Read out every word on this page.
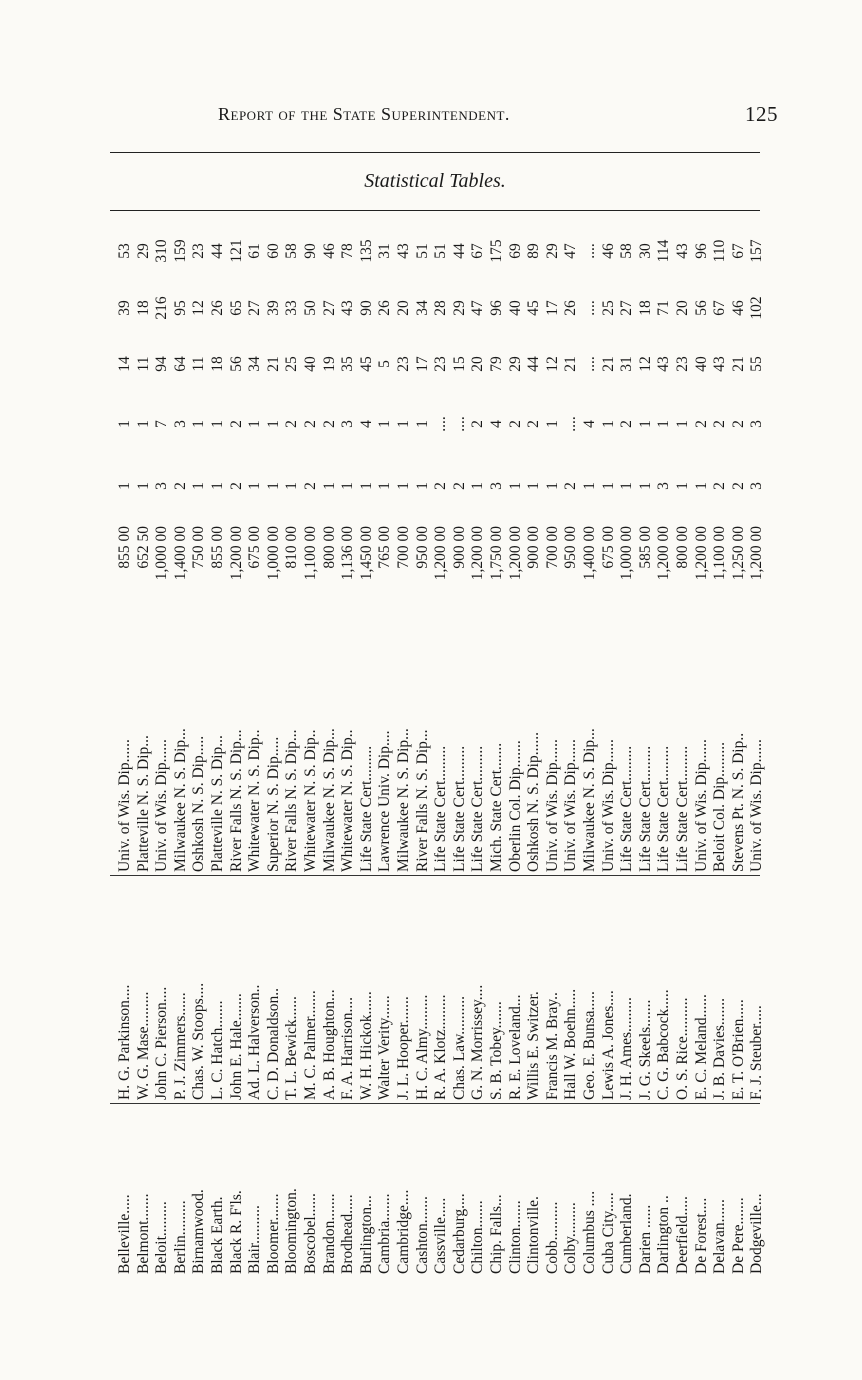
Report of the State Superintendent.	125
Statistical Tables.
Belleville.....
H. G. Parkinson....
Univ. of Wis. Dip......
855 00
1
1
14
39
53
Belmont.......
W. G. Mase.........
Platteville N. S. Dip...
652 50
1
1
11
18
29
Beloit.........
John C. Pierson....
Univ. of Wis. Dip......
1,000 00
3
7
94
216
310
Berlin.........
P. J. Zimmers......
Milwaukee N. S. Dip...
1,400 00
2
3
64
95
159
Birnamwood.
Chas. W. Stoops....
Oshkosh N. S. Dip.....
750 00
1
1
11
12
23
Black Earth.
L. C. Hatch.......
Platteville N. S. Dip...
855 00
1
1
18
26
44
Black R. F'ls.
John E. Hale.......
River Falls N. S. Dip...
1,200 00
2
2
56
65
121
Blair..........
Ad. L. Halverson..
Whitewater N. S. Dip..
675 00
1
1
34
27
61
Bloomer.......
C. D. Donaldson..
Superior N. S. Dip.....
1,000 00
1
1
21
39
60
Bloomington.
T. L. Bewick......
River Falls N. S. Dip...
810 00
1
2
25
33
58
Boscobel......
M. C. Palmer.......
Whitewater N. S. Dip..
1,100 00
2
2
40
50
90
Brandon.......
A. B. Houghton...
Milwaukee N. S. Dip...
800 00
1
2
19
27
46
Brodhead.....
F. A. Harrison....
Whitewater N. S. Dip..
1,136 00
1
3
35
43
78
Burlington...
W. H. Hickok......
Life State Cert.........
1,450 00
1
4
45
90
135
Cambria.......
Walter Verity......
Lawrence Univ. Dip....
765 00
1
1
5
26
31
Cambridge....
J. L. Hooper.......
Milwaukee N. S. Dip...
700 00
1
1
23
20
43
Cashton.......
H. C. Almy.........
River Falls N. S. Dip...
950 00
1
1
17
34
51
Cassville.....
R. A. Klotz.........
Life State Cert.........
1,200 00
2
....
23
28
51
Cedarburg....
Chas. Law..........
Life State Cert.........
900 00
2
....
15
29
44
Chilton.......
G. N. Morrissey....
Life State Cert.........
1,200 00
1
2
20
47
67
Chip. Falls...
S. B. Tobey.......
Mich. State Cert.......
1,750 00
3
4
79
96
175
Clinton.......
R. E. Loveland...
Oberlin Col. Dip.......
1,200 00
1
2
29
40
69
Clintonville.
Willis E. Switzer.
Oshkosh N. S. Dip......
900 00
1
2
44
45
89
Cobb..........
Francis M. Bray..
Univ. of Wis. Dip......
700 00
1
1
12
17
29
Colby.........
Hall W. Boehn.....
Univ. of Wis. Dip......
950 00
2
....
21
26
47
Columbus ....
Geo. E. Bunsa.....
Milwaukee N. S. Dip...
1,400 00
1
4
....
....
....
Cuba City.....
Lewis A. Jones....
Univ. of Wis. Dip......
675 00
1
1
21
25
46
Cumberland.
J. H. Ames.........
Life State Cert.........
1,000 00
1
2
31
27
58
Darien ......
J. G. Skeels.......
Life State Cert.........
585 00
1
1
12
18
30
Darlington ..
C. G. Babcock.....
Life State Cert.........
1,200 00
3
1
43
71
114
Deerfield.....
O. S. Rice..........
Life State Cert.........
800 00
1
1
23
20
43
De Forest....
E. C. Meland......
Univ. of Wis. Dip......
1,200 00
1
2
40
56
96
Delavan......
J. B. Davies.......
Beloit Col. Dip.........
1,100 00
2
2
43
67
110
De Pere.......
E. T. O'Brien.....
Stevens Pt. N. S. Dip..
1,250 00
2
2
21
46
67
Dodgeville...
F. J. Steuber.....
Univ. of Wis. Dip......
1,200 00
3
3
55
102
157
